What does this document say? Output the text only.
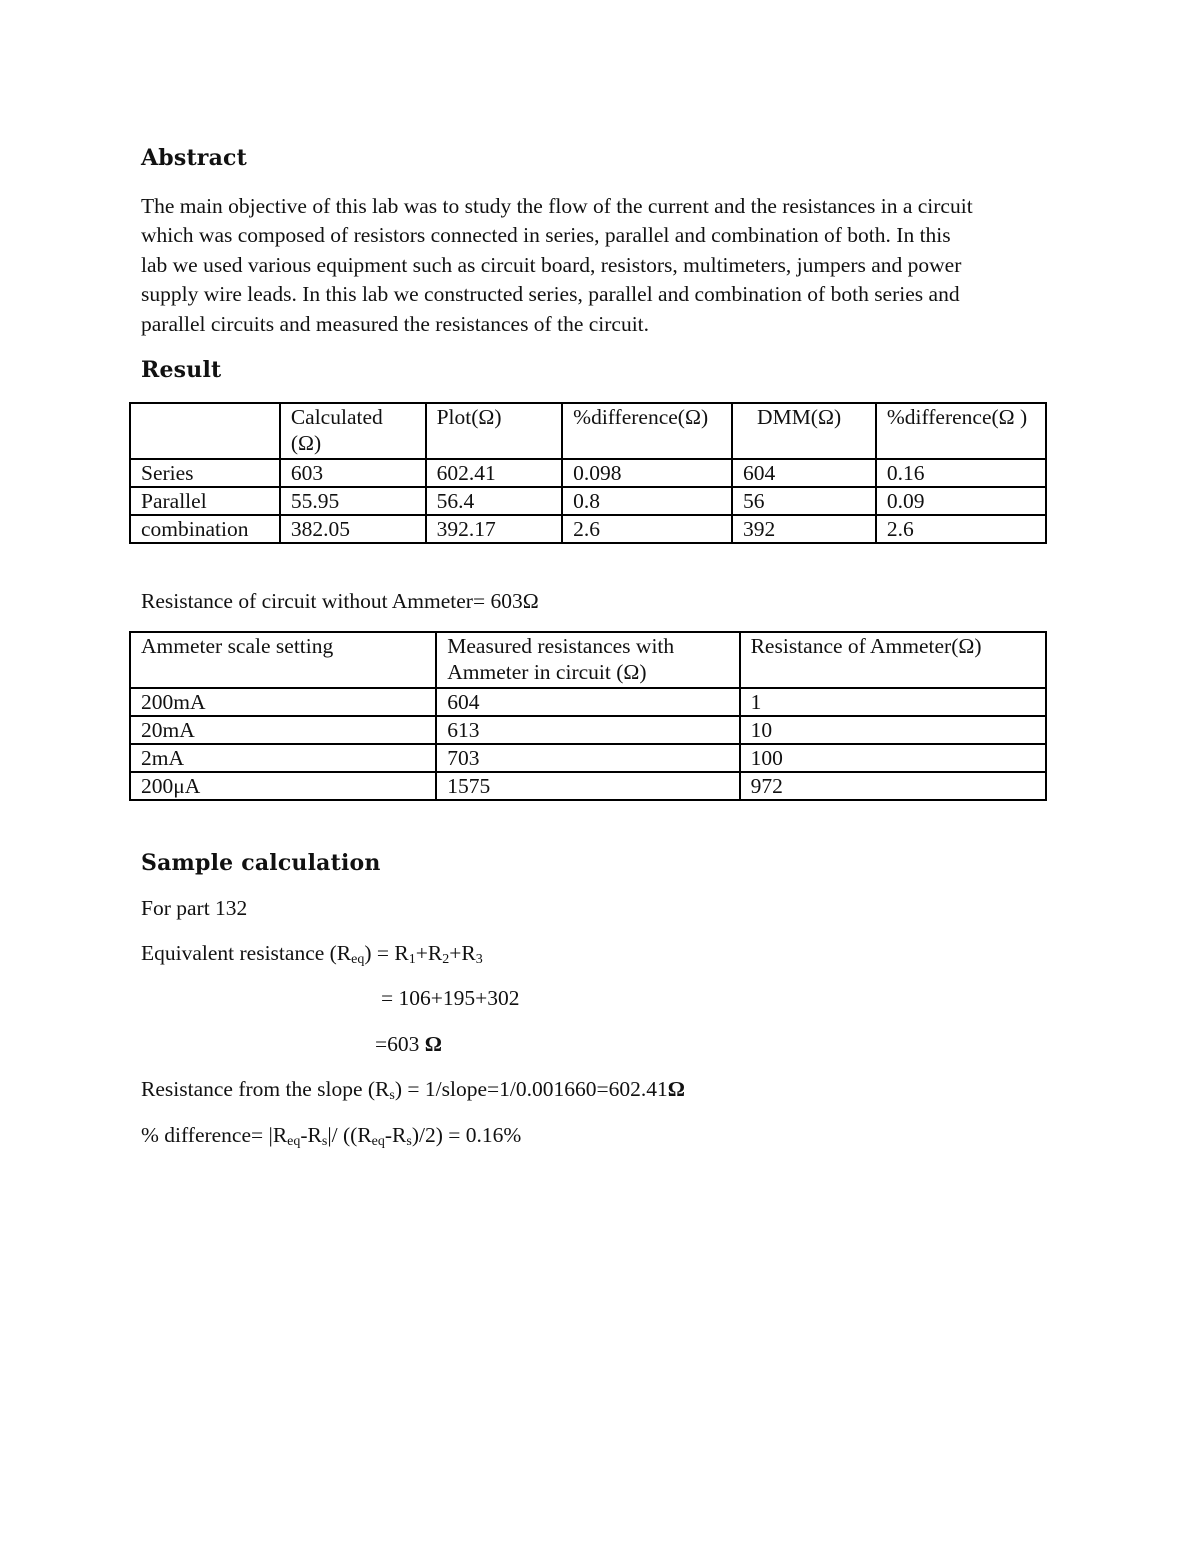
Abstract
The main objective of this lab was to study the flow of the current and the resistances in a circuit
which was composed of resistors connected in series, parallel and combination of both. In this
lab we used various equipment such as circuit board, resistors, multimeters, jumpers and power
supply wire leads. In this lab we constructed series, parallel and combination of both series and
parallel circuits and measured the resistances of the circuit.
Result
	Calculated (Ω)	Plot(Ω)	%difference(Ω)	DMM(Ω)	%difference(Ω )
Series	603	602.41	0.098	604	0.16
Parallel	55.95	56.4	0.8	56	0.09
combination	382.05	392.17	2.6	392	2.6

Resistance of circuit without Ammeter= 603Ω

Ammeter scale setting	Measured resistances with Ammeter in circuit (Ω)	Resistance of Ammeter(Ω)
200mA	604	1
20mA	613	10
2mA	703	100
200μA	1575	972
Sample calculation

For part 132

Equivalent resistance $(R_{eq}) = R_1+R_2+R_3$

= 106+195+302

=603 Ω

Resistance from the slope $(R_s)$ = 1/slope=1/0.001660=602.41Ω

% difference= $|R_{eq}-R_s|/$ $((R_{eq}-R_s)/2) = 0.16\%$
